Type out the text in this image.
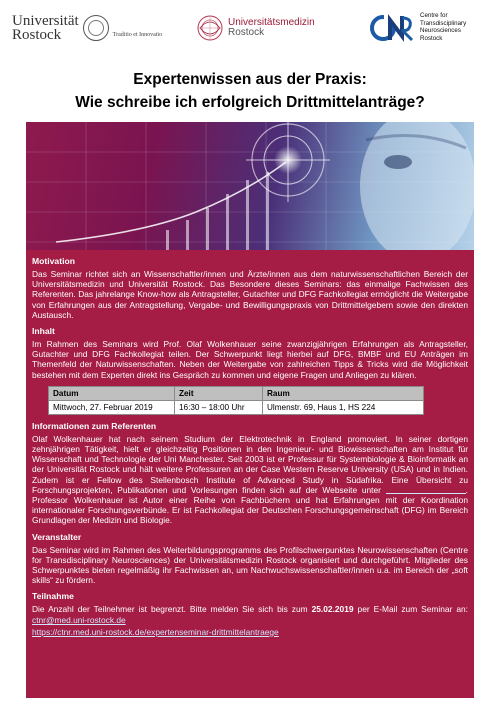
Universität
Rostock	Traditio et Innovatio
Universitätsmedizin
Rostock
Centre for
Transdisciplinary
Neurosciences
Rostock
Expertenwissen aus der Praxis:
Wie schreibe ich erfolgreich Drittmittelanträge?
Motivation
Das Seminar richtet sich an Wissenschaftler/innen und Ärzte/innen aus dem naturwissenschaftlichen Bereich der Universitätsmedizin und Universität Rostock. Das Besondere dieses Seminars: das einmalige Fachwissen des Referenten. Das jahrelange Know-how als Antragsteller, Gutachter und DFG Fachkollegiat ermöglicht die Weitergabe von Erfahrungen aus der Antragstellung, Vergabe- und Bewilligungspraxis von Drittmittelgebern sowie den direkten Austausch.
Inhalt
Im Rahmen des Seminars wird Prof. Olaf Wolkenhauer seine zwanzigjährigen Erfahrungen als Antragsteller, Gutachter und DFG Fachkollegiat teilen. Der Schwerpunkt liegt hierbei auf DFG, BMBF und EU Anträgen im Themenfeld der Naturwissenschaften. Neben der Weitergabe von zahlreichen Tipps & Tricks wird die Möglichkeit bestehen mit dem Experten direkt ins Gespräch zu kommen und eigene Fragen und Anliegen zu klären.
Datum	Zeit	Raum
Mittwoch, 27. Februar 2019	16:30 – 18:00 Uhr	Ulmenstr. 69, Haus 1, HS 224
Informationen zum Referenten
Olaf Wolkenhauer hat nach seinem Studium der Elektrotechnik in England promoviert. In seiner dortigen zehnjährigen Tätigkeit, hielt er gleichzeitig Positionen in den Ingenieur- und Biowissenschaften am Institut für Wissenschaft und Technologie der Uni Manchester. Seit 2003 ist er Professur für Systembiologie & Bioinformatik an der Universität Rostock und hält weitere Professuren an der Case Western Reserve University (USA) und in Indien. Zudem ist er Fellow des Stellenbosch Institute of Advanced Study in Südafrika. Eine Übersicht zu Forschungsprojekten, Publikationen und Vorlesungen finden sich auf der Webseite unter	. Professor Wolkenhauer ist Autor einer Reihe von Fachbüchern und hat Erfahrungen mit der Koordination internationaler Forschungsverbünde. Er ist Fachkollegiat der Deutschen Forschungsgemeinschaft (DFG) im Bereich Grundlagen der Medizin und Biologie.
Veranstalter
Das Seminar wird im Rahmen des Weiterbildungsprogramms des Profilschwerpunktes Neurowissenschaften (Centre for Transdisciplinary Neurosciences) der Universitätsmedizin Rostock organisiert und durchgeführt. Mitglieder des Schwerpunktes bieten regelmäßig ihr Fachwissen an, um Nachwuchswissenschaftler/innen u.a. im Bereich der „soft skills“ zu fördern.
Teilnahme
Die Anzahl der Teilnehmer ist begrenzt. Bitte melden Sie sich bis zum 25.02.2019 per E-Mail zum Seminar an: ctnr@med.uni-rostock.de
https://ctnr.med.uni-rostock.de/expertenseminar-drittmittelantraege
